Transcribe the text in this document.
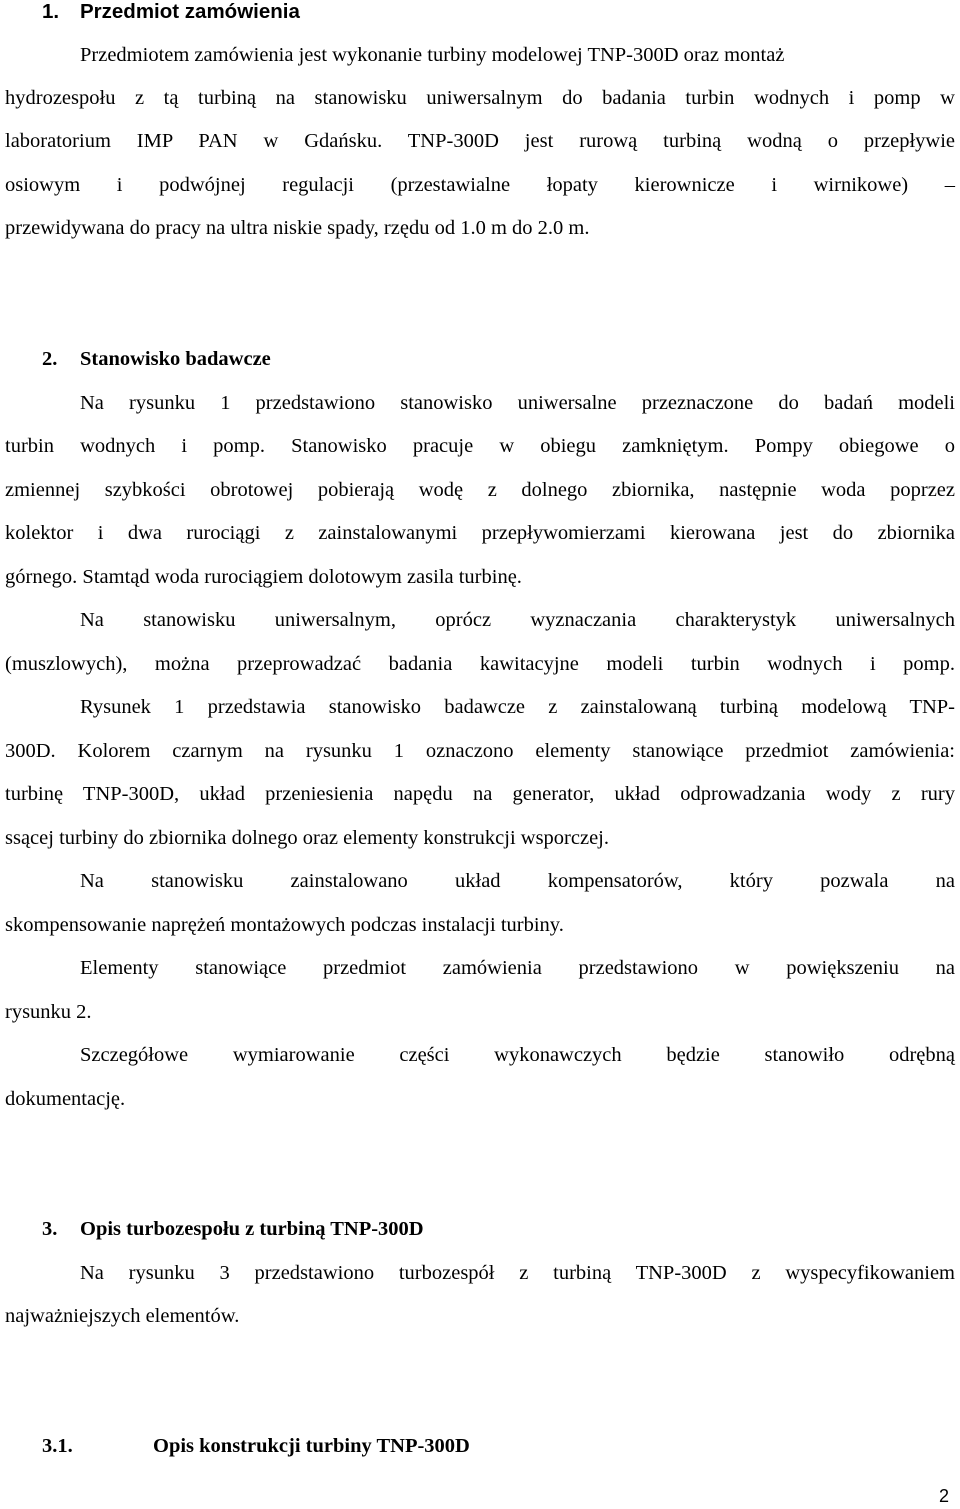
1. Przedmiot zamówienia
Przedmiotem zamówienia jest wykonanie turbiny modelowej TNP-300D oraz montaż
hydrozespołu z tą turbiną na stanowisku uniwersalnym do badania turbin wodnych i pomp w
laboratorium IMP PAN w Gdańsku. TNP-300D jest rurową turbiną wodną o przepływie
osiowym i podwójnej regulacji (przestawialne łopaty kierownicze i wirnikowe) –
przewidywana do pracy na ultra niskie spady, rzędu od 1.0 m do 2.0 m.
2. Stanowisko badawcze
Na rysunku 1 przedstawiono stanowisko uniwersalne przeznaczone do badań modeli
turbin wodnych i pomp. Stanowisko pracuje w obiegu zamkniętym. Pompy obiegowe o
zmiennej szybkości obrotowej pobierają wodę z dolnego zbiornika, następnie woda poprzez
kolektor i dwa rurociągi z zainstalowanymi przepływomierzami kierowana jest do zbiornika
górnego. Stamtąd woda rurociągiem dolotowym zasila turbinę.
Na stanowisku uniwersalnym, oprócz wyznaczania charakterystyk uniwersalnych
(muszlowych), można przeprowadzać badania kawitacyjne modeli turbin wodnych i pomp.
Rysunek 1 przedstawia stanowisko badawcze z zainstalowaną turbiną modelową TNP-
300D. Kolorem czarnym na rysunku 1 oznaczono elementy stanowiące przedmiot zamówienia:
turbinę TNP-300D, układ przeniesienia napędu na generator, układ odprowadzania wody z rury
ssącej turbiny do zbiornika dolnego oraz elementy konstrukcji wsporczej.
Na stanowisku zainstalowano układ kompensatorów, który pozwala na
skompensowanie naprężeń montażowych podczas instalacji turbiny.
Elementy stanowiące przedmiot zamówienia przedstawiono w powiększeniu na
rysunku 2.
Szczegółowe wymiarowanie części wykonawczych będzie stanowiło odrębną
dokumentację.
3. Opis turbozespołu z turbiną TNP-300D
Na rysunku 3 przedstawiono turbozespół z turbiną TNP-300D z wyspecyfikowaniem
najważniejszych elementów.
3.1.	Opis konstrukcji turbiny TNP-300D
2
